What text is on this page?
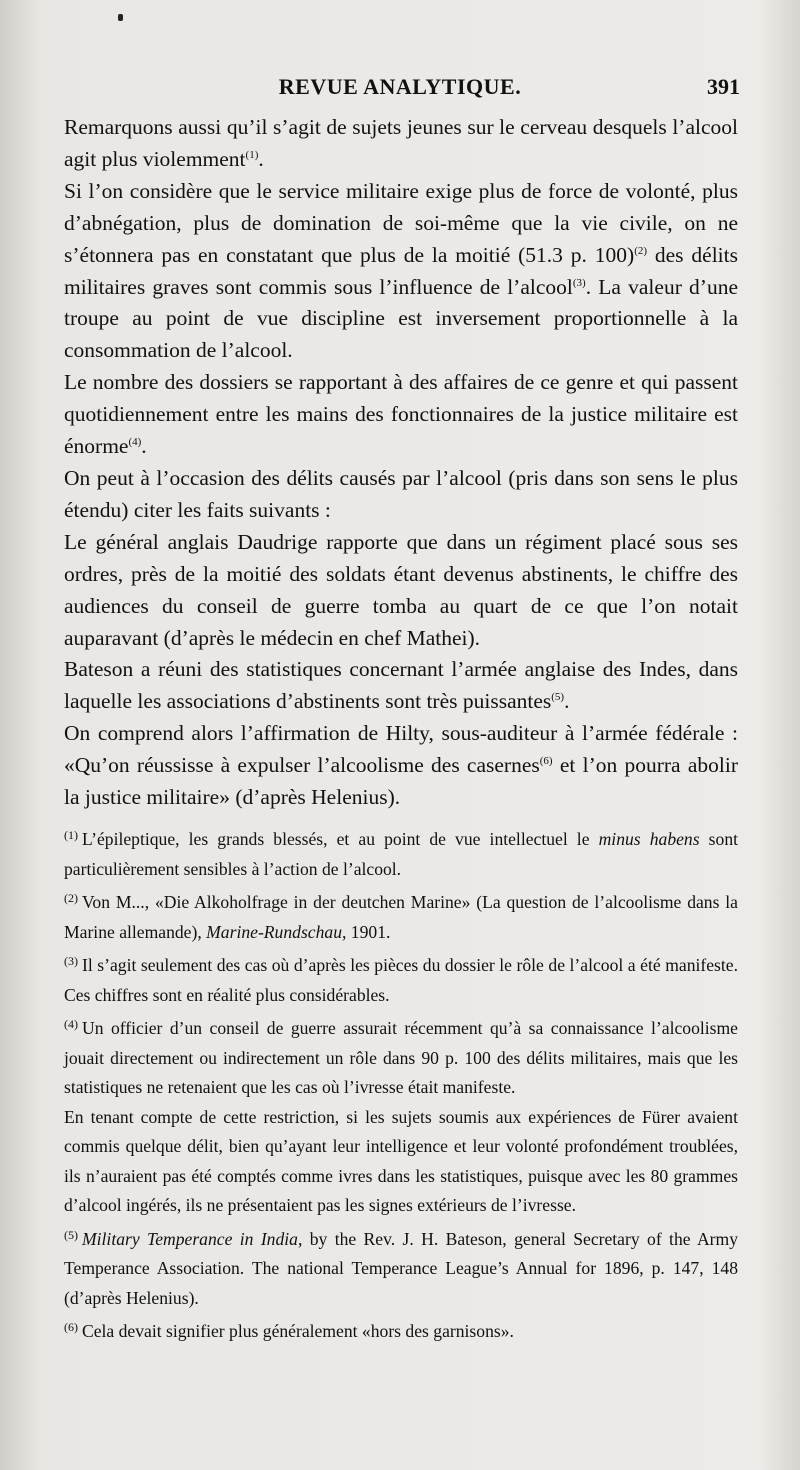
REVUE ANALYTIQUE.	391

Remarquons aussi qu’il s’agit de sujets jeunes sur le cerveau desquels l’alcool agit plus violemment$^{(1)}$.

Si l’on considère que le service militaire exige plus de force de volonté, plus d’abnégation, plus de domination de soi-même que la vie civile, on ne s’étonnera pas en constatant que plus de la moitié (51.3 p. 100)$^{(2)}$ des délits militaires graves sont commis sous l’influence de l’alcool$^{(3)}$. La valeur d’une troupe au point de vue discipline est inversement proportionnelle à la consommation de l’alcool.

Le nombre des dossiers se rapportant à des affaires de ce genre et qui passent quotidiennement entre les mains des fonctionnaires de la justice militaire est énorme$^{(4)}$.

On peut à l’occasion des délits causés par l’alcool (pris dans son sens le plus étendu) citer les faits suivants :

Le général anglais Daudrige rapporte que dans un régiment placé sous ses ordres, près de la moitié des soldats étant devenus abstinents, le chiffre des audiences du conseil de guerre tomba au quart de ce que l’on notait auparavant (d’après le médecin en chef Mathei).

Bateson a réuni des statistiques concernant l’armée anglaise des Indes, dans laquelle les associations d’abstinents sont très puissantes$^{(5)}$.

On comprend alors l’affirmation de Hilty, sous-auditeur à l’armée fédérale : «Qu’on réussisse à expulser l’alcoolisme des casernes$^{(6)}$ et l’on pourra abolir la justice militaire» (d’après Helenius).

$^{(1)}$ L’épileptique, les grands blessés, et au point de vue intellectuel le minus habens sont particulièrement sensibles à l’action de l’alcool.

$^{(2)}$ Von M..., «Die Alkoholfrage in der deutchen Marine» (La question de l’alcoolisme dans la Marine allemande), Marine-Rundschau, 1901.

$^{(3)}$ Il s’agit seulement des cas où d’après les pièces du dossier le rôle de l’alcool a été manifeste. Ces chiffres sont en réalité plus considérables.

$^{(4)}$ Un officier d’un conseil de guerre assurait récemment qu’à sa connaissance l’alcoolisme jouait directement ou indirectement un rôle dans 90 p. 100 des délits militaires, mais que les statistiques ne retenaient que les cas où l’ivresse était manifeste.

En tenant compte de cette restriction, si les sujets soumis aux expériences de Fürer avaient commis quelque délit, bien qu’ayant leur intelligence et leur volonté profondément troublées, ils n’auraient pas été comptés comme ivres dans les statistiques, puisque avec les 80 grammes d’alcool ingérés, ils ne présentaient pas les signes extérieurs de l’ivresse.

$^{(5)}$ Military Temperance in India, by the Rev. J. H. Bateson, general Secretary of the Army Temperance Association. The national Temperance League’s Annual for 1896, p. 147, 148 (d’après Helenius).

$^{(6)}$ Cela devait signifier plus généralement «hors des garnisons».
